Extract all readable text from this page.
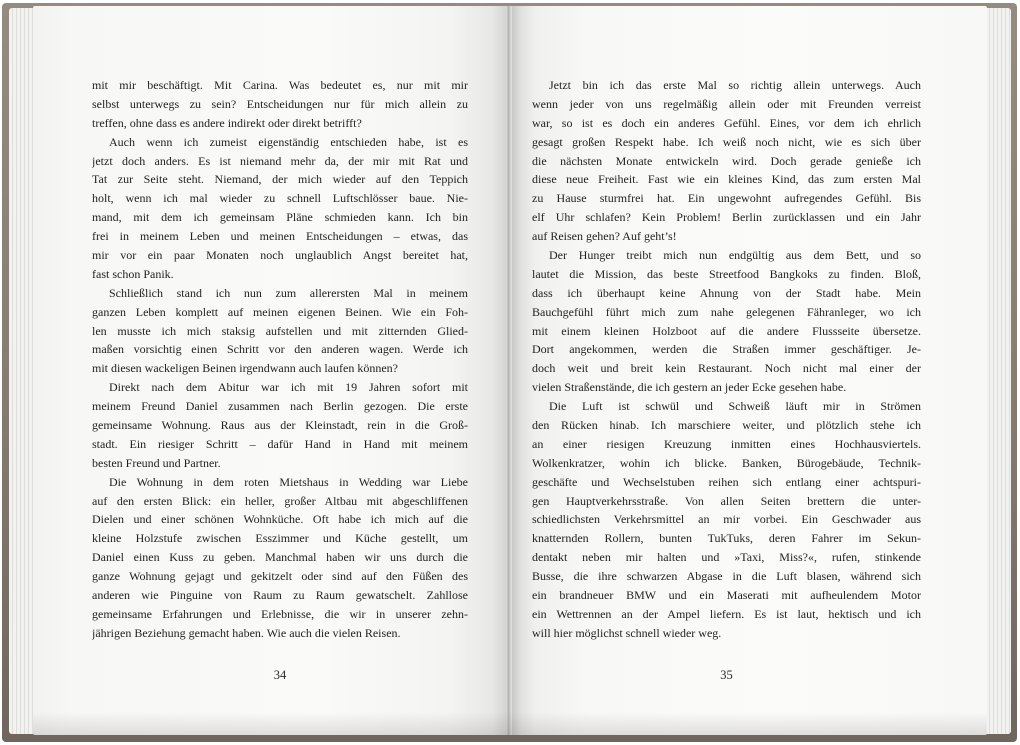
mit mir beschäftigt. Mit Carina. Was bedeutet es, nur mit mir
selbst unterwegs zu sein? Entscheidungen nur für mich allein zu
treffen, ohne dass es andere indirekt oder direkt betrifft?
Auch wenn ich zumeist eigenständig entschieden habe, ist es
jetzt doch anders. Es ist niemand mehr da, der mir mit Rat und
Tat zur Seite steht. Niemand, der mich wieder auf den Teppich
holt, wenn ich mal wieder zu schnell Luftschlösser baue. Nie-
mand, mit dem ich gemeinsam Pläne schmieden kann. Ich bin
frei in meinem Leben und meinen Entscheidungen – etwas, das
mir vor ein paar Monaten noch unglaublich Angst bereitet hat,
fast schon Panik.
Schließlich stand ich nun zum allerersten Mal in meinem
ganzen Leben komplett auf meinen eigenen Beinen. Wie ein Foh-
len musste ich mich staksig aufstellen und mit zitternden Glied-
maßen vorsichtig einen Schritt vor den anderen wagen. Werde ich
mit diesen wackeligen Beinen irgendwann auch laufen können?
Direkt nach dem Abitur war ich mit 19 Jahren sofort mit
meinem Freund Daniel zusammen nach Berlin gezogen. Die erste
gemeinsame Wohnung. Raus aus der Kleinstadt, rein in die Groß-
stadt. Ein riesiger Schritt – dafür Hand in Hand mit meinem
besten Freund und Partner.
Die Wohnung in dem roten Mietshaus in Wedding war Liebe
auf den ersten Blick: ein heller, großer Altbau mit abgeschliffenen
Dielen und einer schönen Wohnküche. Oft habe ich mich auf die
kleine Holzstufe zwischen Esszimmer und Küche gestellt, um
Daniel einen Kuss zu geben. Manchmal haben wir uns durch die
ganze Wohnung gejagt und gekitzelt oder sind auf den Füßen des
anderen wie Pinguine von Raum zu Raum gewatschelt. Zahllose
gemeinsame Erfahrungen und Erlebnisse, die wir in unserer zehn-
jährigen Beziehung gemacht haben. Wie auch die vielen Reisen.
Jetzt bin ich das erste Mal so richtig allein unterwegs. Auch
wenn jeder von uns regelmäßig allein oder mit Freunden verreist
war, so ist es doch ein anderes Gefühl. Eines, vor dem ich ehrlich
gesagt großen Respekt habe. Ich weiß noch nicht, wie es sich über
die nächsten Monate entwickeln wird. Doch gerade genieße ich
diese neue Freiheit. Fast wie ein kleines Kind, das zum ersten Mal
zu Hause sturmfrei hat. Ein ungewohnt aufregendes Gefühl. Bis
elf Uhr schlafen? Kein Problem! Berlin zurücklassen und ein Jahr
auf Reisen gehen? Auf geht’s!
Der Hunger treibt mich nun endgültig aus dem Bett, und so
lautet die Mission, das beste Streetfood Bangkoks zu finden. Bloß,
dass ich überhaupt keine Ahnung von der Stadt habe. Mein
Bauchgefühl führt mich zum nahe gelegenen Fähranleger, wo ich
mit einem kleinen Holzboot auf die andere Flussseite übersetze.
Dort angekommen, werden die Straßen immer geschäftiger. Je-
doch weit und breit kein Restaurant. Noch nicht mal einer der
vielen Straßenstände, die ich gestern an jeder Ecke gesehen habe.
Die Luft ist schwül und Schweiß läuft mir in Strömen
den Rücken hinab. Ich marschiere weiter, und plötzlich stehe ich
an einer riesigen Kreuzung inmitten eines Hochhausviertels.
Wolkenkratzer, wohin ich blicke. Banken, Bürogebäude, Technik-
geschäfte und Wechselstuben reihen sich entlang einer achtspuri-
gen Hauptverkehrsstraße. Von allen Seiten brettern die unter-
schiedlichsten Verkehrsmittel an mir vorbei. Ein Geschwader aus
knatternden Rollern, bunten TukTuks, deren Fahrer im Sekun-
dentakt neben mir halten und »Taxi, Miss?«, rufen, stinkende
Busse, die ihre schwarzen Abgase in die Luft blasen, während sich
ein brandneuer BMW und ein Maserati mit aufheulendem Motor
ein Wettrennen an der Ampel liefern. Es ist laut, hektisch und ich
will hier möglichst schnell wieder weg.
34	35
